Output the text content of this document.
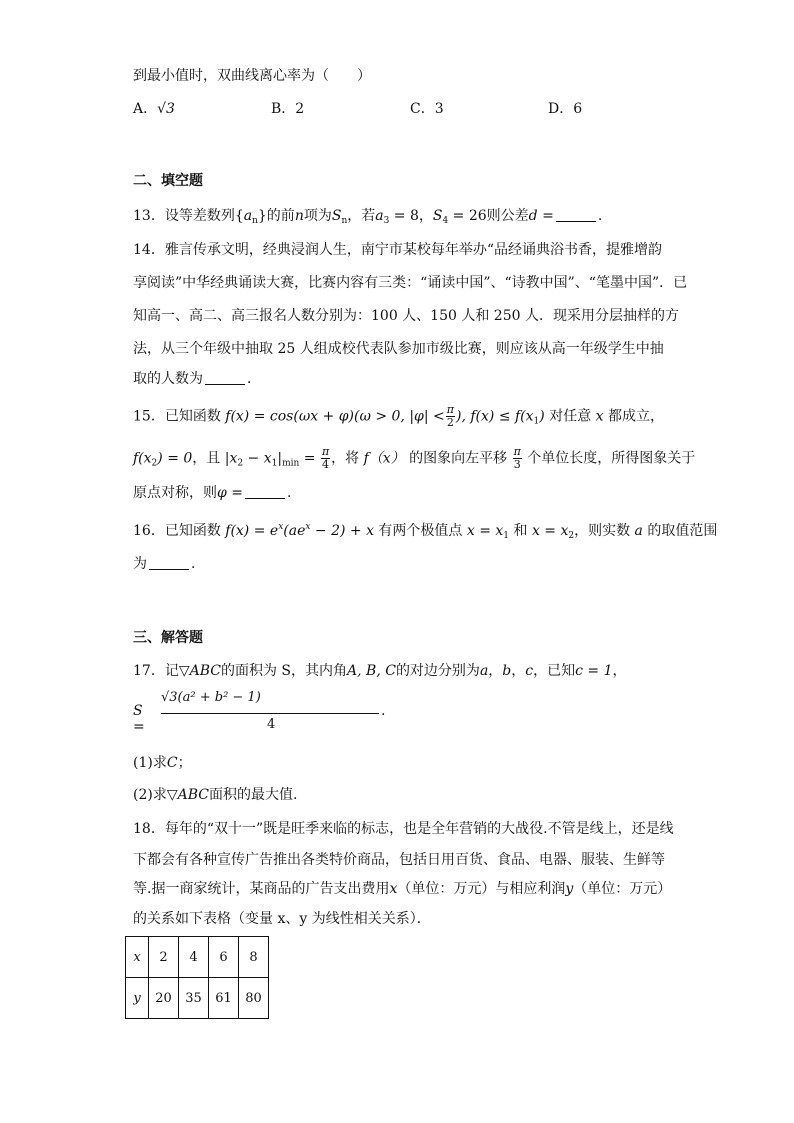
到最小值时，双曲线离心率为（　　）
A．√3	B．2	C．3	D．6
二、填空题
13．设等差数列$\{a_n\}$的前n项为$S_n$，若$a_3 = 8$，$S_4 = 26$则公差d =	.
14．雅言传承文明，经典浸润人生，南宁市某校每年举办“品经诵典浴书香，提雅增韵
享阅读”中华经典诵读大赛，比赛内容有三类：“诵读中国”、“诗教中国”、“笔墨中国”．已
知高一、高二、高三报名人数分别为：100 人、150 人和 250 人．现采用分层抽样的方
法，从三个年级中抽取 25 人组成校代表队参加市级比赛，则应该从高一年级学生中抽
取的人数为	．
15．已知函数 f(x) = cos(ωx + φ)(ω > 0, $|\varphi| < \frac{\pi}{2}$ ), $f(x) \le f(x_1)$ 对任意 x 都成立，
$f(x_2) = 0$，且 $|x_2 - x_1|_{min} = \frac{\pi}{4}$ ，将 f（x） 的图象向左平移 $\frac{\pi}{3}$ 个单位长度，所得图象关于
原点对称，则φ =	.
16．已知函数 $f(x) = e^x(ae^x - 2) + x$ 有两个极值点 $x = x_1$ 和 $x = x_2$，则实数 a 的取值范围
为	.
三、解答题
17．记▽ABC的面积为 S，其内角A, B, C的对边分别为a，b，c，已知c = 1，
S =
√3(a² + b² − 1)
4
.
(1)求C；
(2)求▽ABC面积的最大值.
18．每年的“双十一”既是旺季来临的标志，也是全年营销的大战役.不管是线上，还是线
下都会有各种宣传广告推出各类特价商品，包括日用百货、食品、电器、服装、生鲜等
等.据一商家统计，某商品的广告支出费用x（单位：万元）与相应利润y（单位：万元）
的关系如下表格（变量 x、y 为线性相关关系）．
x	2	4	6	8
y	20	35	61	80
